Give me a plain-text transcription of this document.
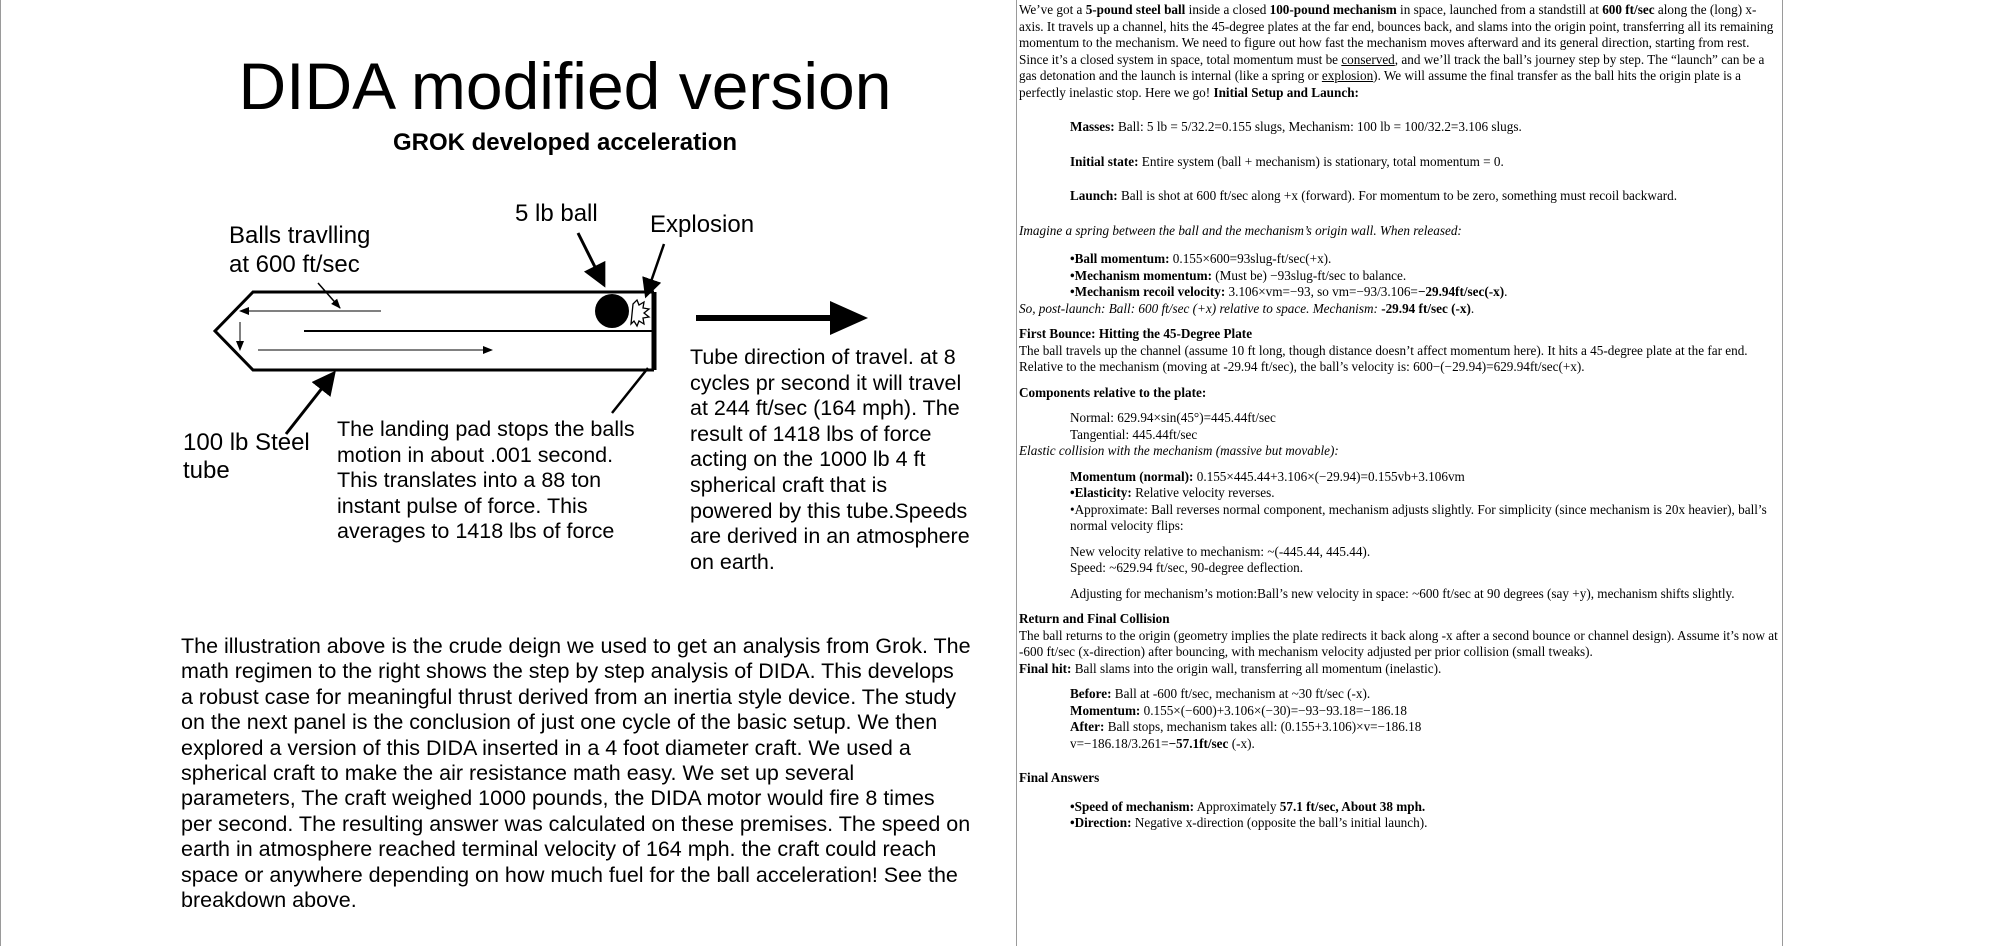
DIDA modified version
GROK developed acceleration
Balls travlling
at 600 ft/sec
5 lb ball Explosion
100 lb Steel
tube
The landing pad stops the balls motion in about .001 second. This translates into a 88 ton instant pulse of force. This averages to 1418 lbs of force
Tube direction of travel. at 8 cycles pr second it will travel at 244 ft/sec (164 mph). The result of 1418 lbs of force acting on the 1000 lb 4 ft spherical craft that is powered by this tube.Speeds are derived in an atmosphere on earth.
The illustration above is the crude deign we used to get an analysis from Grok. The math regimen to the right shows the step by step analysis of DIDA. This develops a robust case for meaningful thrust derived from an inertia style device. The study on the next panel is the conclusion of just one cycle of the basic setup. We then explored a version of this DIDA inserted in a 4 foot diameter craft. We used a spherical craft to make the air resistance math easy. We set up several parameters, The craft weighed 1000 pounds, the DIDA motor would fire 8 times per second. The resulting answer was calculated on these premises. The speed on earth in atmosphere reached terminal velocity of 164 mph. the craft could reach space or anywhere depending on how much fuel for the ball acceleration! See the breakdown above.

We’ve got a 5-pound steel ball inside a closed 100-pound mechanism in space, launched from a standstill at 600 ft/sec along the (long) x-axis. It travels up a channel, hits the 45-degree plates at the far end, bounces back, and slams into the origin point, transferring all its remaining momentum to the mechanism. We need to figure out how fast the mechanism moves afterward and its general direction, starting from rest. Since it’s a closed system in space, total momentum must be conserved, and we’ll track the ball’s journey step by step. The “launch” can be a gas detonation and the launch is internal (like a spring or explosion). We will assume the final transfer as the ball hits the origin plate is a perfectly inelastic stop. Here we go! Initial Setup and Launch:

Masses: Ball: 5 lb = 5/32.2=0.155 slugs, Mechanism: 100 lb = 100/32.2=3.106 slugs.

Initial state: Entire system (ball + mechanism) is stationary, total momentum = 0.

Launch: Ball is shot at 600 ft/sec along +x (forward). For momentum to be zero, something must recoil backward.

Imagine a spring between the ball and the mechanism’s origin wall. When released:

•Ball momentum: 0.155×600=93slug-ft/sec(+x).

•Mechanism momentum: (Must be) −93slug-ft/sec to balance.

•Mechanism recoil velocity: 3.106×vm=−93, so vm=−93/3.106=−29.94ft/sec(-x).

So, post-launch: Ball: 600 ft/sec (+x) relative to space. Mechanism: -29.94 ft/sec (-x).

First Bounce: Hitting the 45-Degree Plate

The ball travels up the channel (assume 10 ft long, though distance doesn’t affect momentum here). It hits a 45-degree plate at the far end. Relative to the mechanism (moving at -29.94 ft/sec), the ball’s velocity is: 600−(−29.94)=629.94ft/sec(+x).

Components relative to the plate:

Normal: 629.94×sin(45°)=445.44ft/sec

Tangential: 445.44ft/sec

Elastic collision with the mechanism (massive but movable):

Momentum (normal): 0.155×445.44+3.106×(−29.94)=0.155vb+3.106vm

•Elasticity: Relative velocity reverses.

•Approximate: Ball reverses normal component, mechanism adjusts slightly. For simplicity (since mechanism is 20x heavier), ball’s normal velocity flips:

New velocity relative to mechanism: ~(-445.44, 445.44).

Speed: ~629.94 ft/sec, 90-degree deflection.

Adjusting for mechanism’s motion:Ball’s new velocity in space: ~600 ft/sec at 90 degrees (say +y), mechanism shifts slightly.

Return and Final Collision

The ball returns to the origin (geometry implies the plate redirects it back along -x after a second bounce or channel design). Assume it’s now at -600 ft/sec (x-direction) after bouncing, with mechanism velocity adjusted per prior collision (small tweaks).

Final hit: Ball slams into the origin wall, transferring all momentum (inelastic).

Before: Ball at -600 ft/sec, mechanism at ~30 ft/sec (-x).

Momentum: 0.155×(−600)+3.106×(−30)=−93−93.18=−186.18

After: Ball stops, mechanism takes all: (0.155+3.106)×v=−186.18

v=−186.18/3.261=−57.1ft/sec (-x).

Final Answers

•Speed of mechanism: Approximately 57.1 ft/sec, About 38 mph.

•Direction: Negative x-direction (opposite the ball’s initial launch).
